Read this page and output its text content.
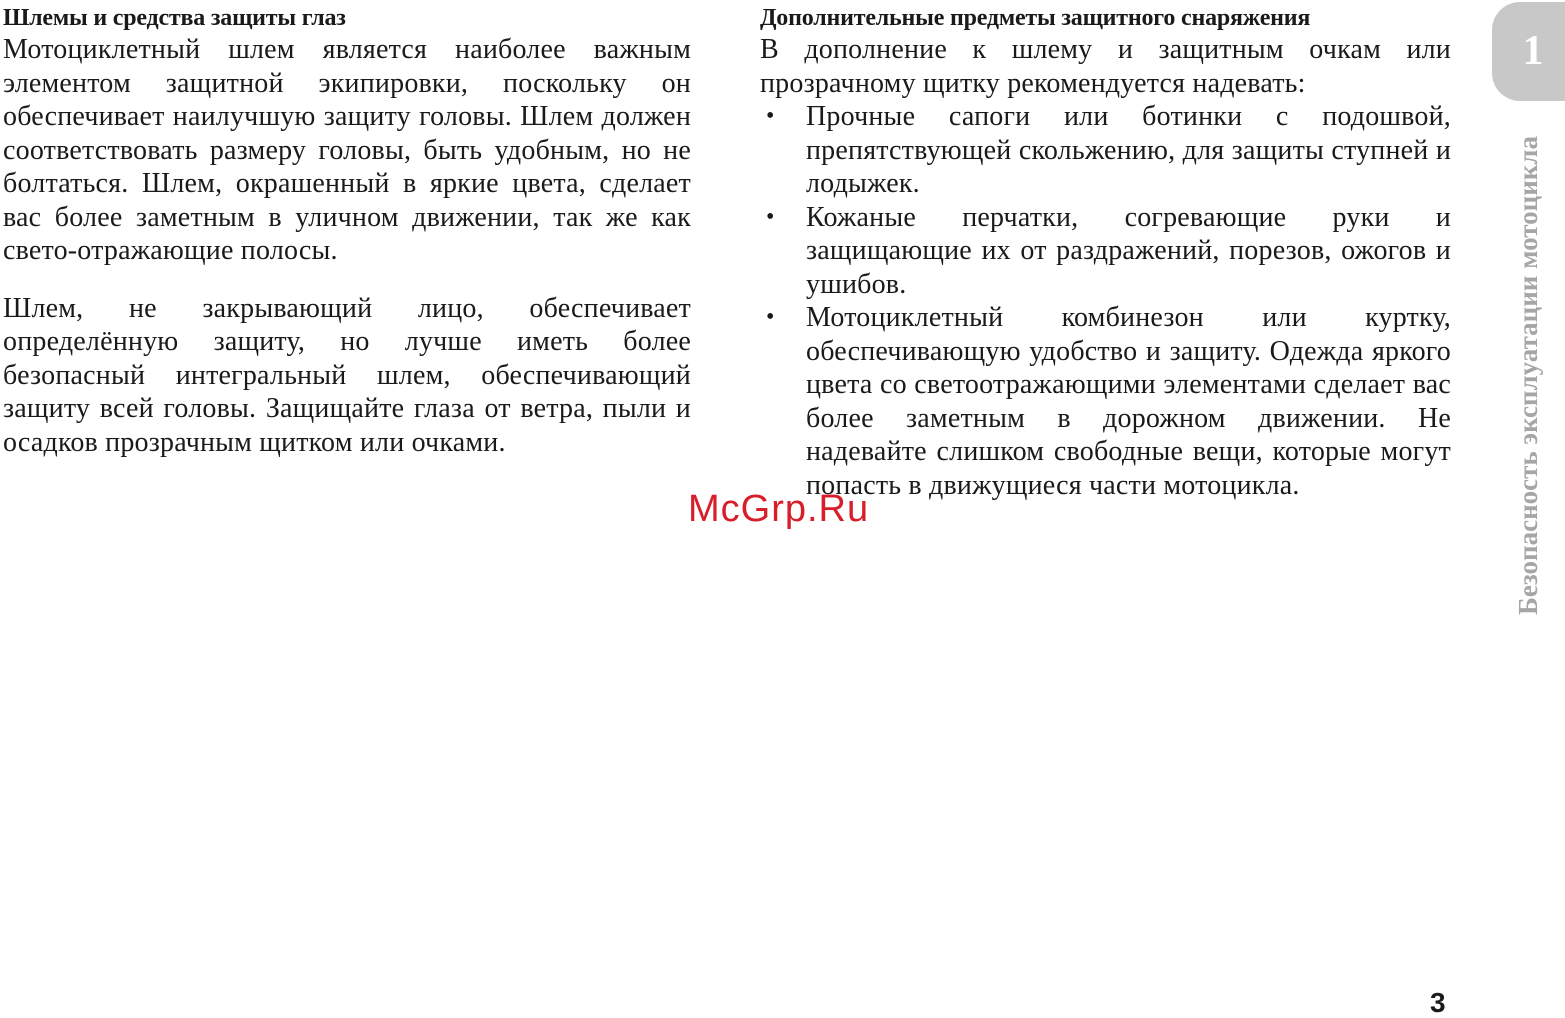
Шлемы и средства защиты глаз

Мотоциклетный шлем является наиболее важным элементом защитной экипировки, поскольку он обеспечивает наилучшую защиту головы. Шлем должен соответствовать размеру головы, быть удобным, но не болтаться. Шлем, окрашенный в яркие цвета, сделает вас более заметным в уличном движении, так же как свето-отражающие полосы.

Шлем, не закрывающий лицо, обеспечивает определённую защиту, но лучше иметь более безопасный интегральный шлем, обеспечивающий защиту всей головы. Защищайте глаза от ветра, пыли и осадков прозрачным щитком или очками.

Дополнительные предметы защитного снаряжения

В дополнение к шлему и защитным очкам или прозрачному щитку рекомендуется надевать:

• Прочные сапоги или ботинки с подошвой, препятствующей скольжению, для защиты ступней и лодыжек.
• Кожаные перчатки, согревающие руки и защищающие их от раздражений, порезов, ожогов и ушибов.
• Мотоциклетный комбинезон или куртку, обеспечивающую удобство и защиту. Одежда яркого цвета со светоотражающими элементами сделает вас более заметным в дорожном движении. Не надевайте слишком свободные вещи, которые могут попасть в движущиеся части мотоцикла.
1
Безопасность эксплуатации мотоцикла
McGrp.Ru
3
